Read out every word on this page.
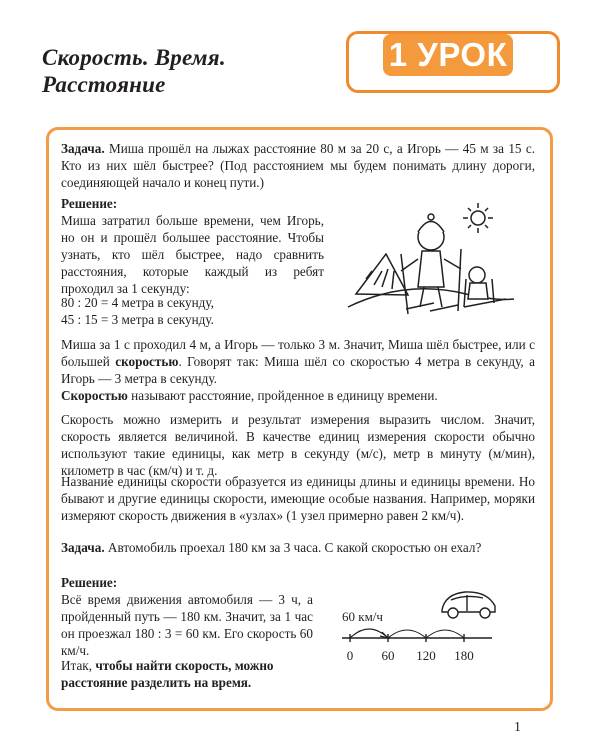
Скорость. Время.
Расстояние
1 УРОК
Задача. Миша прошёл на лыжах расстояние 80 м за 20 с, а Игорь — 45 м за 15 с. Кто из них шёл быстрее? (Под расстоянием мы будем понимать длину дороги, соединяющей начало и конец пути.)
Решение:
Миша затратил больше времени, чем Игорь, но он и прошёл большее расстояние. Чтобы узнать, кто шёл быстрее, надо сравнить расстояния, которые каждый из ребят проходил за 1 секунду:
80 : 20 = 4 метра в секунду,
45 : 15 = 3 метра в секунду.
Миша за 1 с проходил 4 м, а Игорь — только 3 м. Значит, Миша шёл быстрее, или с большей скоростью. Говорят так: Миша шёл со скоростью 4 метра в секунду, а Игорь — 3 метра в секунду.
Скоростью называют расстояние, пройденное в единицу времени.
Скорость можно измерить и результат измерения выразить числом. Значит, скорость является величиной. В качестве единиц измерения скорости обычно используют такие единицы, как метр в секунду (м/с), метр в минуту (м/мин), километр в час (км/ч) и т. д.
Название единицы скорости образуется из единицы длины и единицы времени. Но бывают и другие единицы скорости, имеющие особые названия. Например, моряки измеряют скорость движения в «узлах» (1 узел примерно равен 2 км/ч).
Задача. Автомобиль проехал 180 км за 3 часа. С какой скоростью он ехал?
Решение:
Всё время движения автомобиля — 3 ч, а пройденный путь — 180 км. Значит, за 1 час он проезжал 180 : 3 = 60 км. Его скорость 60 км/ч.
Итак, чтобы найти скорость, можно расстояние разделить на время.
60 км/ч
0 60 120 180
1
